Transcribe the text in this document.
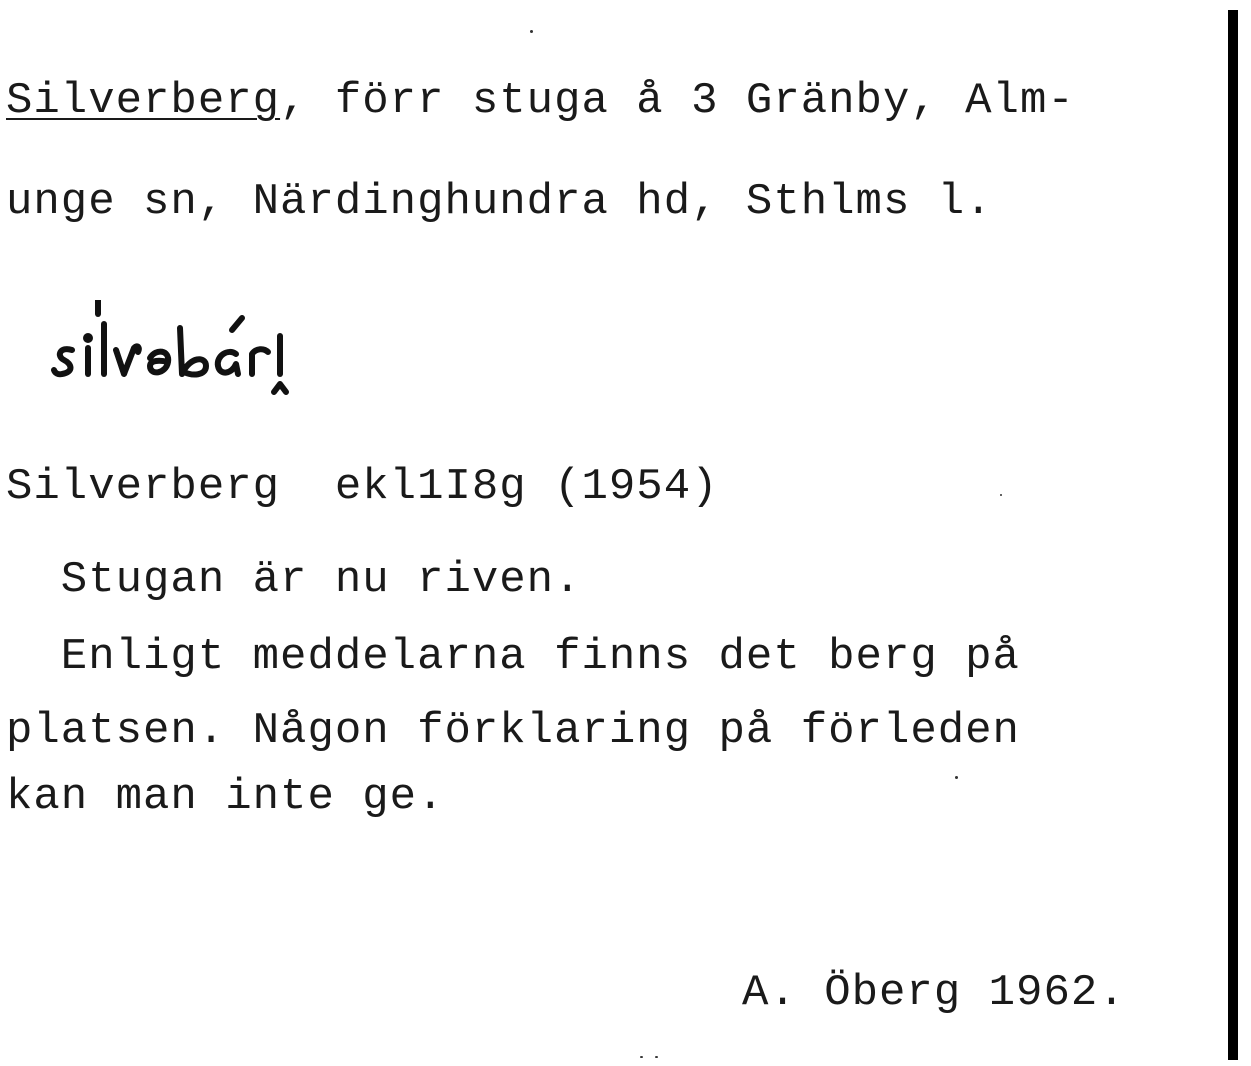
Silverberg, förr stuga å 3 Gränby, Alm-
unge sn, Närdinghundra hd, Sthlms l.
Silverberg  ekl1I8g (1954)
Stugan är nu riven.
Enligt meddelarna finns det berg på
platsen. Någon förklaring på förleden
kan man inte ge.
A. Öberg 1962.
